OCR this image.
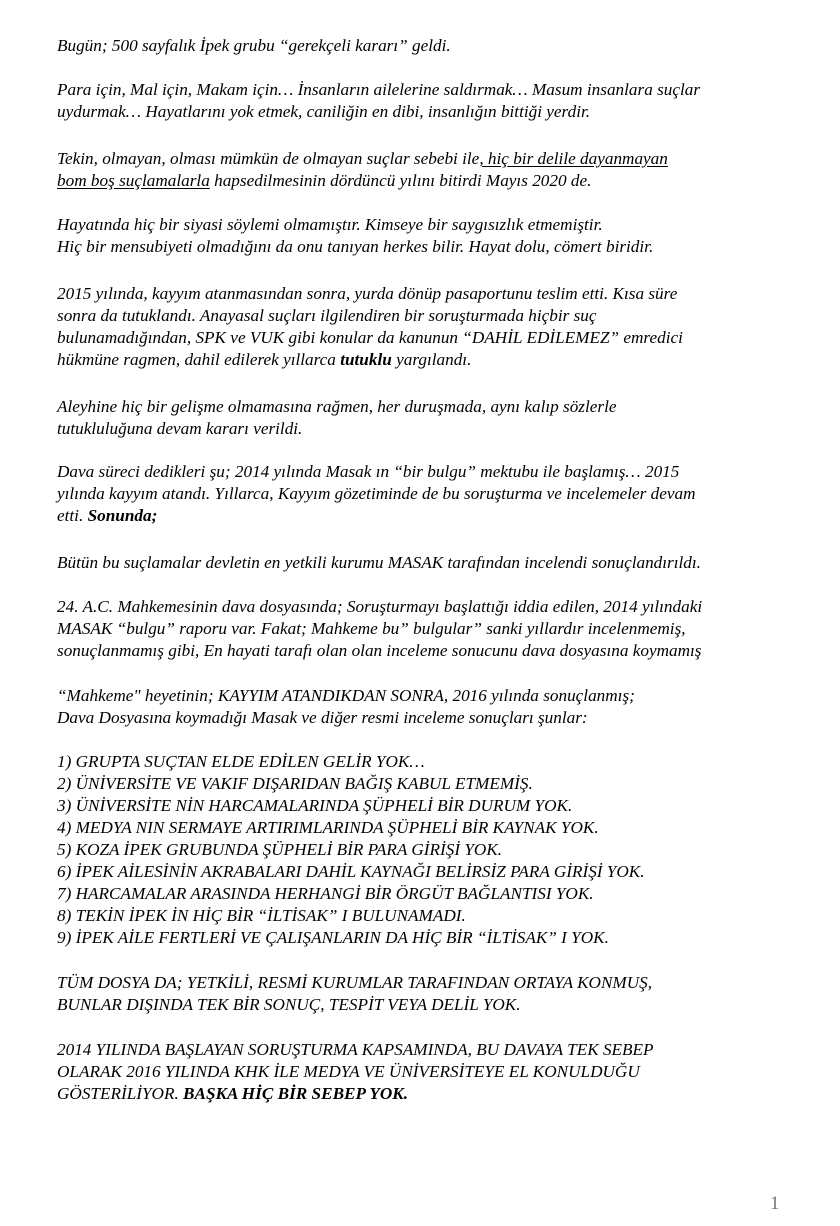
Bugün; 500 sayfalık İpek grubu “gerekçeli kararı” geldi.

Para için, Mal için, Makam için… İnsanların ailelerine saldırmak… Masum insanlara suçlar
uydurmak… Hayatlarını yok etmek, caniliğin en dibi, insanlığın bittiği yerdir.

Tekin, olmayan, olması mümkün de olmayan suçlar sebebi ile, hiç bir delile dayanmayan
bom boş suçlamalarla hapsedilmesinin dördüncü yılını bitirdi Mayıs 2020 de.

Hayatında hiç bir siyasi söylemi olmamıştır. Kimseye bir saygısızlık etmemiştir.
Hiç bir mensubiyeti olmadığını da onu tanıyan herkes bilir. Hayat dolu, cömert biridir.

2015 yılında, kayyım atanmasından sonra, yurda dönüp pasaportunu teslim etti. Kısa süre
sonra da tutuklandı. Anayasal suçları ilgilendiren bir soruşturmada hiçbir suç
bulunamadığından, SPK ve VUK gibi konular da kanunun “DAHİL EDİLEMEZ” emredici
hükmüne ragmen, dahil edilerek yıllarca tutuklu yargılandı.

Aleyhine hiç bir gelişme olmamasına rağmen, her duruşmada, aynı kalıp sözlerle
tutukluluğuna devam kararı verildi.

Dava süreci dedikleri şu; 2014 yılında Masak ın “bir bulgu” mektubu ile başlamış… 2015
yılında kayyım atandı. Yıllarca, Kayyım gözetiminde de bu soruşturma ve incelemeler devam
etti. Sonunda;

Bütün bu suçlamalar devletin en yetkili kurumu MASAK tarafından incelendi sonuçlandırıldı.

24. A.C. Mahkemesinin dava dosyasında; Soruşturmayı başlattığı iddia edilen, 2014 yılındaki
MASAK “bulgu” raporu var. Fakat; Mahkeme bu” bulgular” sanki yıllardır incelenmemiş,
sonuçlanmamış gibi, En hayati tarafı olan olan inceleme sonucunu dava dosyasına koymamış

“Mahkeme" heyetinin; KAYYIM ATANDIKDAN SONRA, 2016 yılında sonuçlanmış;
Dava Dosyasına koymadığı Masak ve diğer resmi inceleme sonuçları şunlar:

1) GRUPTA SUÇTAN ELDE EDİLEN GELİR YOK…
2) ÜNİVERSİTE VE VAKIF DIŞARIDAN BAĞIŞ KABUL ETMEMİŞ.
3) ÜNİVERSİTE NİN HARCAMALARINDA ŞÜPHELİ BİR DURUM YOK.
4) MEDYA NIN SERMAYE ARTIRIMLARINDA ŞÜPHELİ BİR KAYNAK YOK.
5) KOZA İPEK GRUBUNDA ŞÜPHELİ BİR PARA GİRİŞİ YOK.
6) İPEK AİLESİNİN AKRABALARI DAHİL KAYNAĞI BELİRSİZ PARA GİRİŞİ YOK.
7) HARCAMALAR ARASINDA HERHANGİ BİR ÖRGÜT BAĞLANTISI YOK.
8) TEKİN İPEK İN HİÇ BİR “İLTİSAK” I BULUNAMADI.
9) İPEK AİLE FERTLERİ VE ÇALIŞANLARIN DA HİÇ BİR “İLTİSAK” I YOK.

TÜM DOSYA DA; YETKİLİ, RESMİ KURUMLAR TARAFINDAN ORTAYA KONMUŞ,
BUNLAR DIŞINDA TEK BİR SONUÇ, TESPİT VEYA DELİL YOK.

2014 YILINDA BAŞLAYAN SORUŞTURMA KAPSAMINDA, BU DAVAYA TEK SEBEP
OLARAK 2016 YILINDA KHK İLE MEDYA VE ÜNİVERSİTEYE EL KONULDUĞU
GÖSTERİLİYOR. BAŞKA HİÇ BİR SEBEP YOK.

1
